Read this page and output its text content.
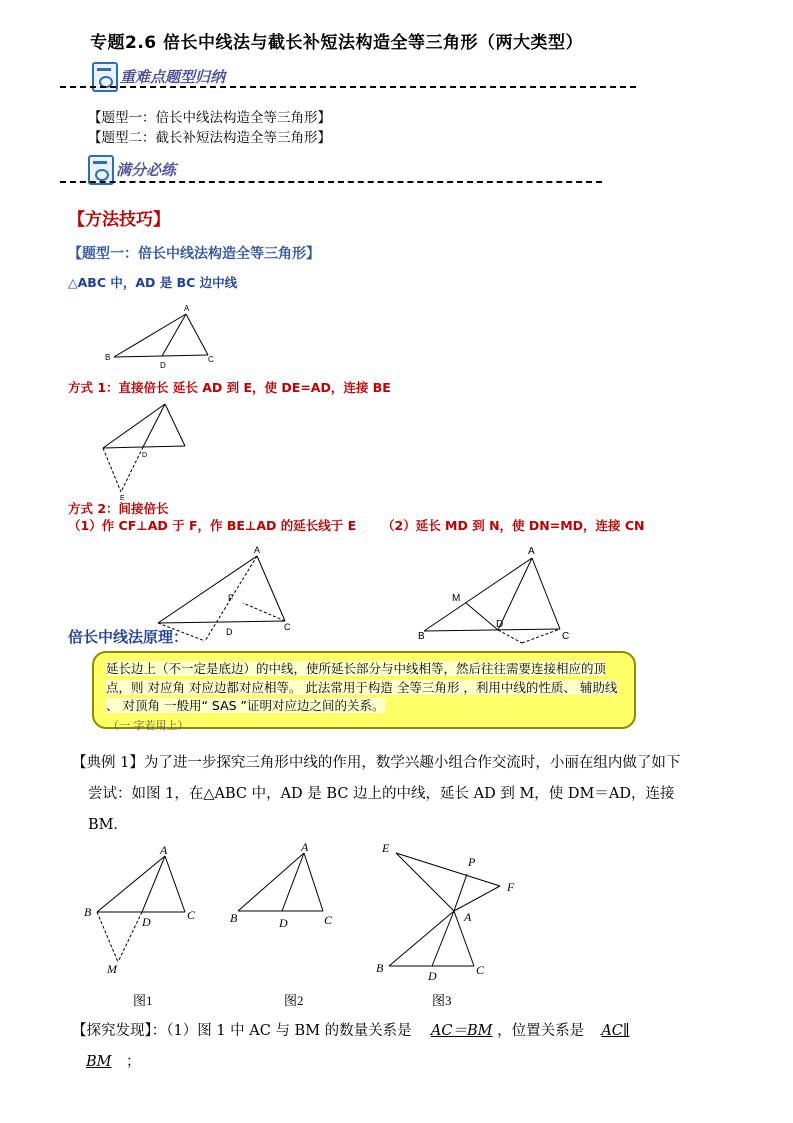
专题2.6 倍长中线法与截长补短法构造全等三角形（两大类型）
重难点题型归纳
【题型一：倍长中线法构造全等三角形】
【题型二：截长补短法构造全等三角形】
满分必练
【方法技巧】
【题型一：倍长中线法构造全等三角形】
△ABC 中，AD 是 BC 边中线
A
B	C
D
方式 1：直接倍长 延长 AD 到 E，使 DE=AD，连接 BE
D
E
方式 2：间接倍长
（1）作 CF⊥AD 于 F，作 BE⊥AD 的延长线于 E （2）延长 MD 到 N，使 DN=MD，连接 CN
A
C
F
D
A
M
B
D
C
倍长中线法原理：
延长边上（不一定是底边）的中线，使所延长部分与中线相等，然后往往需要连接相应的顶点，则 对应角 对应边都对应相等。 此法常用于构造 全等三角形 ，利用中线的性质、 辅助线 、 对顶角 一般用“ SAS ”证明对应边之间的关系。
【典例 1】为了进一步探究三角形中线的作用，数学兴趣小组合作交流时，小丽在组内做了如下
尝试：如图 1，在△ABC 中，AD 是 BC 边上的中线，延长 AD 到 M，使 DM＝AD，连接
BM．
A
B	C
D
M
图1
A
B	C
D
图2
E
P
F
A
B
D	C
图3
【探究发现】：（1）图 1 中 AC 与 BM 的数量关系是 AC＝BM ，位置关系是 AC∥
BM  ；
